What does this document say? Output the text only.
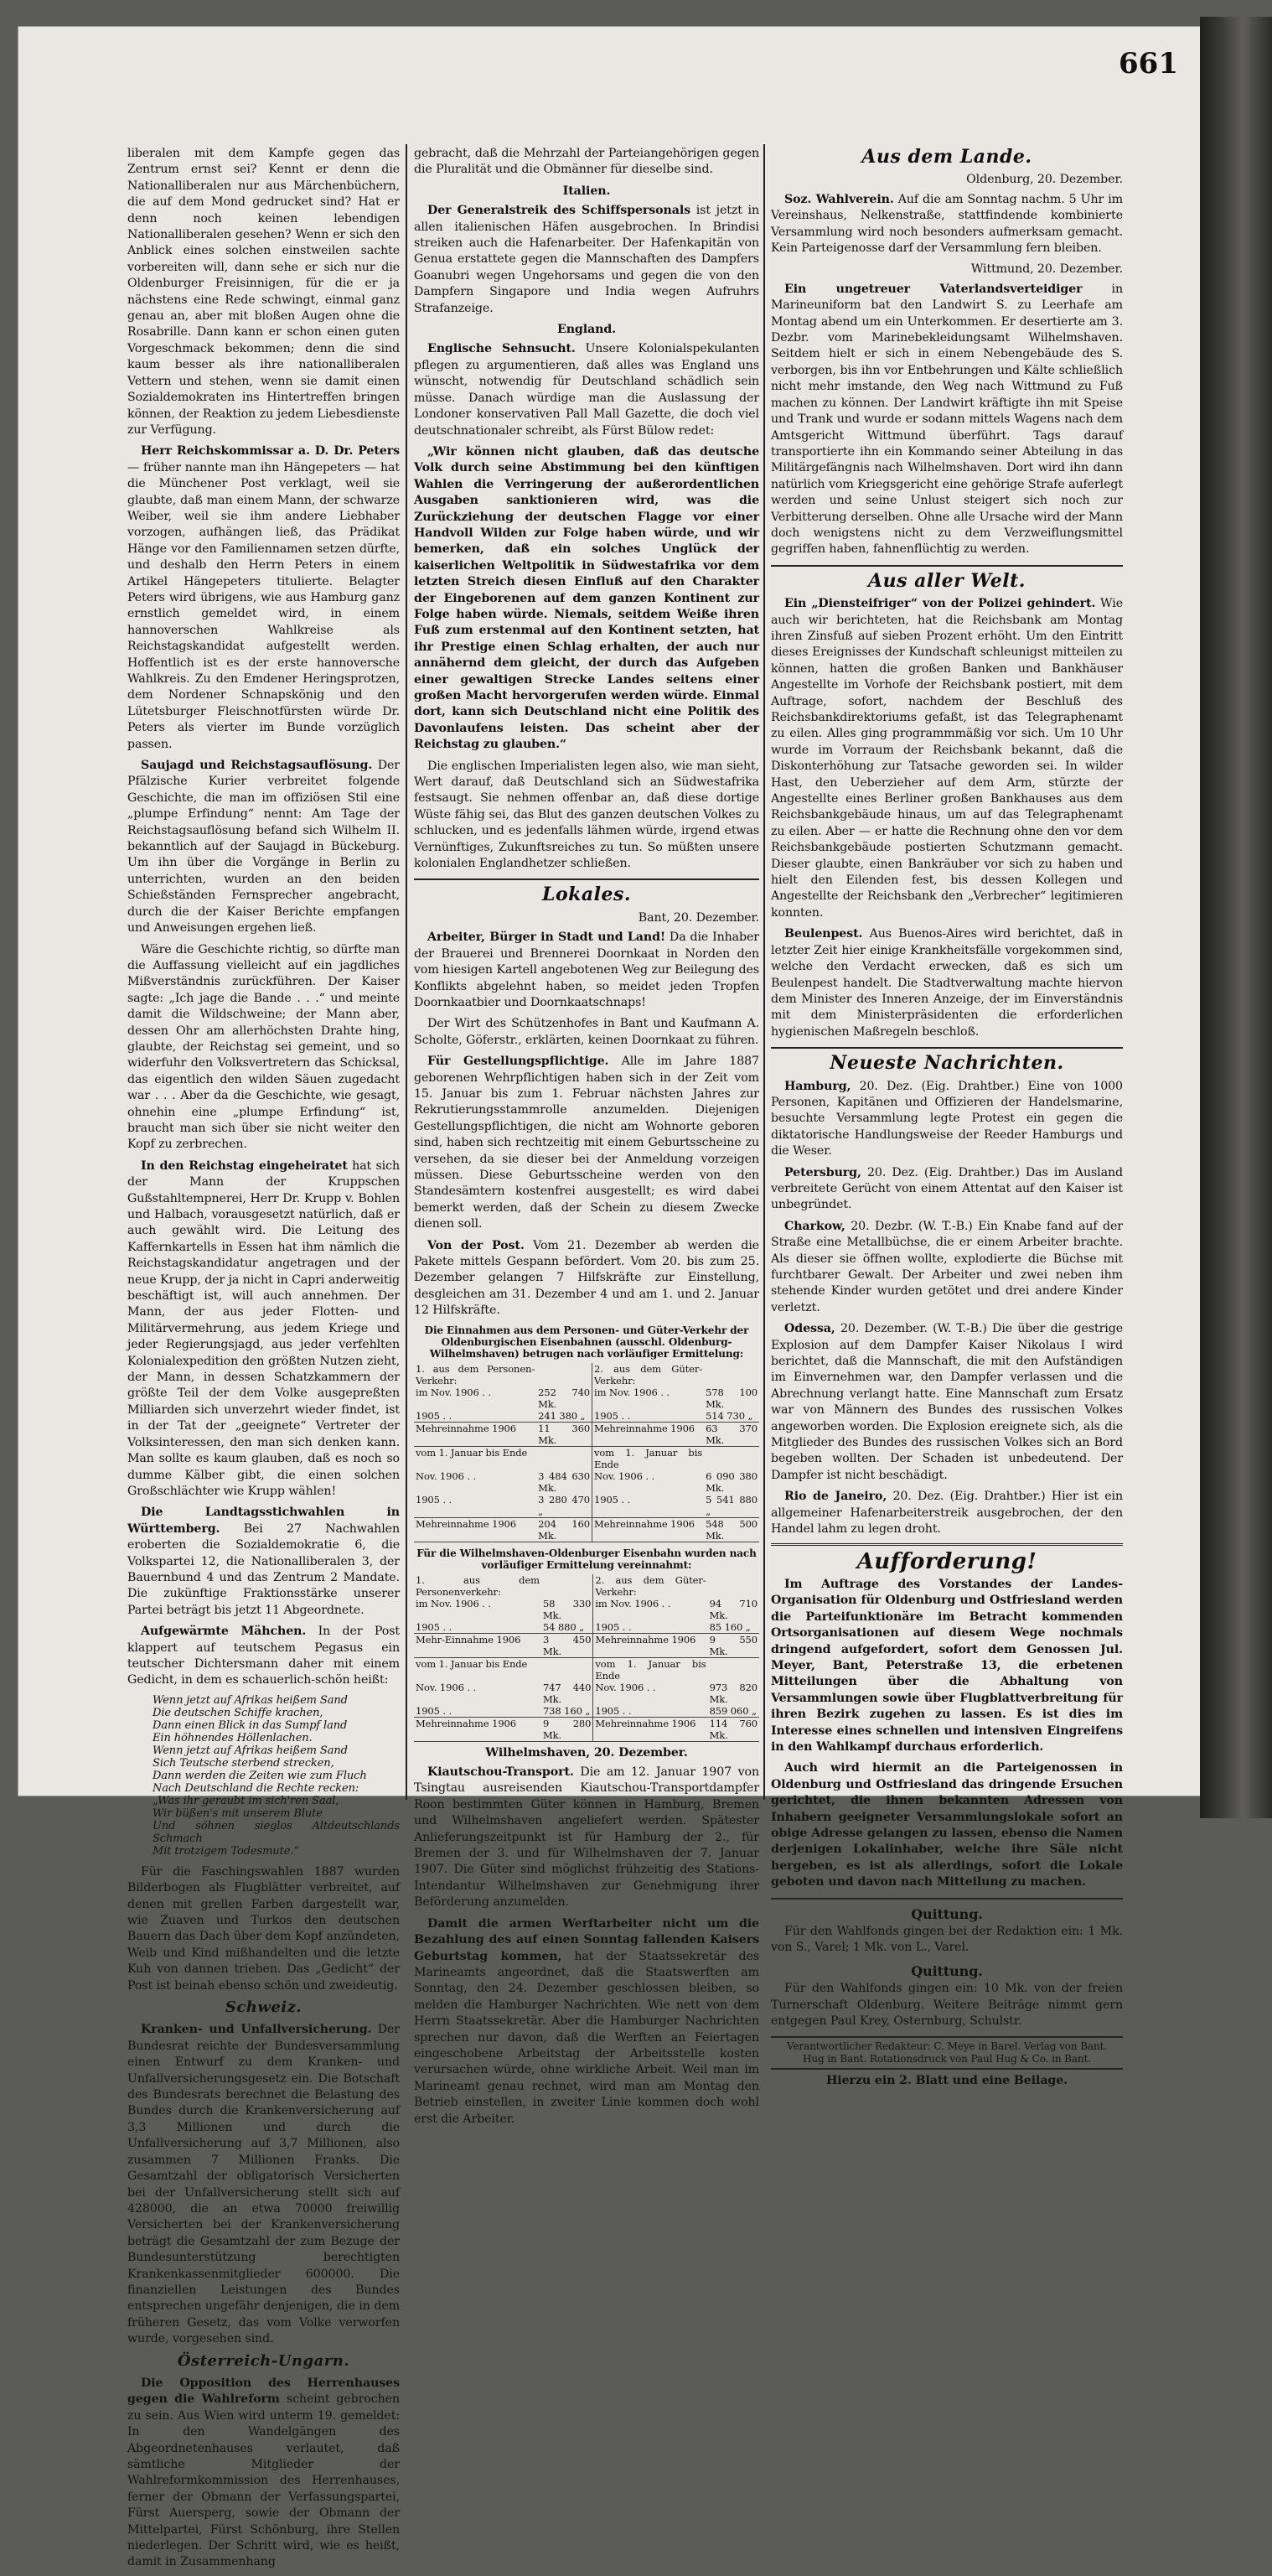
661

liberalen mit dem Kampfe gegen das Zentrum ernst sei? Kennt er denn die Nationalliberalen nur aus Märchenbüchern, die auf dem Mond gedrucket sind? Hat er denn noch keinen lebendigen Nationalliberalen gesehen? Wenn er sich den Anblick eines solchen einstweilen sachte vorbereiten will, dann sehe er sich nur die Oldenburger Freisinnigen, für die er ja nächstens eine Rede schwingt, einmal ganz genau an, aber mit bloßen Augen ohne die Rosabrille. Dann kann er schon einen guten Vorgeschmack bekommen; denn die sind kaum besser als ihre nationalliberalen Vettern und stehen, wenn sie damit einen Sozialdemokraten ins Hintertreffen bringen können, der Reaktion zu jedem Liebesdienste zur Verfügung.

Herr Reichskommissar a. D. Dr. Peters — früher nannte man ihn Hängepeters — hat die Münchener Post verklagt, weil sie glaubte, daß man einem Mann, der schwarze Weiber, weil sie ihm andere Liebhaber vorzogen, aufhängen ließ, das Prädikat Hänge vor den Familiennamen setzen dürfte, und deshalb den Herrn Peters in einem Artikel Hängepeters titulierte. Belagter Peters wird übrigens, wie aus Hamburg ganz ernstlich gemeldet wird, in einem hannoverschen Wahlkreise als Reichstagskandidat aufgestellt werden. Hoffentlich ist es der erste hannoversche Wahlkreis. Zu den Emdener Heringsprotzen, dem Nordener Schnapskönig und den Lütetsburger Fleischnotfürsten würde Dr. Peters als vierter im Bunde vorzüglich passen.

Saujagd und Reichstagsauflösung. Der Pfälzische Kurier verbreitet folgende Geschichte, die man im offiziösen Stil eine „plumpe Erfindung“ nennt: Am Tage der Reichstagsauflösung befand sich Wilhelm II. bekanntlich auf der Saujagd in Bückeburg. Um ihn über die Vorgänge in Berlin zu unterrichten, wurden an den beiden Schießständen Fernsprecher angebracht, durch die der Kaiser Berichte empfangen und Anweisungen ergehen ließ.

Wäre die Geschichte richtig, so dürfte man die Auffassung vielleicht auf ein jagdliches Mißverständnis zurückführen. Der Kaiser sagte: „Ich jage die Bande . . .“ und meinte damit die Wildschweine; der Mann aber, dessen Ohr am allerhöchsten Drahte hing, glaubte, der Reichstag sei gemeint, und so widerfuhr den Volksvertretern das Schicksal, das eigentlich den wilden Säuen zugedacht war . . . Aber da die Geschichte, wie gesagt, ohnehin eine „plumpe Erfindung“ ist, braucht man sich über sie nicht weiter den Kopf zu zerbrechen.

In den Reichstag eingeheiratet hat sich der Mann der Kruppschen Gußstahltempnerei, Herr Dr. Krupp v. Bohlen und Halbach, vorausgesetzt natürlich, daß er auch gewählt wird. Die Leitung des Kaffernkartells in Essen hat ihm nämlich die Reichstagskandidatur angetragen und der neue Krupp, der ja nicht in Capri anderweitig beschäftigt ist, will auch annehmen. Der Mann, der aus jeder Flotten- und Militärvermehrung, aus jedem Kriege und jeder Regierungsjagd, aus jeder verfehlten Kolonialexpedition den größten Nutzen zieht, der Mann, in dessen Schatzkammern der größte Teil der dem Volke ausgepreßten Milliarden sich unverzehrt wieder findet, ist in der Tat der „geeignete“ Vertreter der Volksinteressen, den man sich denken kann. Man sollte es kaum glauben, daß es noch so dumme Kälber gibt, die einen solchen Großschlächter wie Krupp wählen!

Die Landtagsstichwahlen in Württemberg. Bei 27 Nachwahlen eroberten die Sozialdemokratie 6, die Volkspartei 12, die Nationalliberalen 3, der Bauernbund 4 und das Zentrum 2 Mandate. Die zukünftige Fraktionsstärke unserer Partei beträgt bis jetzt 11 Abgeordnete.

Aufgewärmte Mähchen. In der Post klappert auf teutschem Pegasus ein teutscher Dichtersmann daher mit einem Gedicht, in dem es schauerlich-schön heißt:

Wenn jetzt auf Afrikas heißem Sand
Die deutschen Schiffe krachen,
Dann einen Blick in das Sumpf land
Ein höhnendes Höllenlachen.
Wenn jetzt auf Afrikas heißem Sand
Sich Teutsche sterbend strecken,
Dann werden die Zeiten wie zum Fluch
Nach Deutschland die Rechte recken:
„Was ihr geraubt im sich'ren Saal,
Wir büßen's mit unserem Blute
Und söhnen sieglos Altdeutschlands Schmach
Mit trotzigem Todesmute.“

Für die Faschingswahlen 1887 wurden Bilderbogen als Flugblätter verbreitet, auf denen mit grellen Farben dargestellt war, wie Zuaven und Turkos den deutschen Bauern das Dach über dem Kopf anzündeten, Weib und Kind mißhandelten und die letzte Kuh von dannen trieben. Das „Gedicht“ der Post ist beinah ebenso schön und zweideutig.

Schweiz.

Kranken- und Unfallversicherung. Der Bundesrat reichte der Bundesversammlung einen Entwurf zu dem Kranken- und Unfallversicherungsgesetz ein. Die Botschaft des Bundesrats berechnet die Belastung des Bundes durch die Krankenversicherung auf 3,3 Millionen und durch die Unfallversicherung auf 3,7 Millionen, also zusammen 7 Millionen Franks. Die Gesamtzahl der obligatorisch Versicherten bei der Unfallversicherung stellt sich auf 428000, die an etwa 70000 freiwillig Versicherten bei der Krankenversicherung beträgt die Gesamtzahl der zum Bezuge der Bundesunterstützung berechtigten Krankenkassenmitglieder 600000. Die finanziellen Leistungen des Bundes entsprechen ungefähr denjenigen, die in dem früheren Gesetz, das vom Volke verworfen wurde, vorgesehen sind.

Österreich-Ungarn.

Die Opposition des Herrenhauses gegen die Wahlreform scheint gebrochen zu sein. Aus Wien wird unterm 19. gemeldet: In den Wandelgängen des Abgeordnetenhauses verlautet, daß sämtliche Mitglieder der Wahlreformkommission des Herrenhauses, ferner der Obmann der Verfassungspartei, Fürst Auersperg, sowie der Obmann der Mittelpartei, Fürst Schönburg, ihre Stellen niederlegen. Der Schritt wird, wie es heißt, damit in Zusammenhang

gebracht, daß die Mehrzahl der Parteiangehörigen gegen die Pluralität und die Obmänner für dieselbe sind.

Italien.

Der Generalstreik des Schiffspersonals ist jetzt in allen italienischen Häfen ausgebrochen. In Brindisi streiken auch die Hafenarbeiter. Der Hafenkapitän von Genua erstattete gegen die Mannschaften des Dampfers Goanubri wegen Ungehorsams und gegen die von den Dampfern Singapore und India wegen Aufruhrs Strafanzeige.

England.

Englische Sehnsucht. Unsere Kolonialspekulanten pflegen zu argumentieren, daß alles was England uns wünscht, notwendig für Deutschland schädlich sein müsse. Danach würdige man die Auslassung der Londoner konservativen Pall Mall Gazette, die doch viel deutschnationaler schreibt, als Fürst Bülow redet:

„Wir können nicht glauben, daß das deutsche Volk durch seine Abstimmung bei den künftigen Wahlen die Verringerung der außerordentlichen Ausgaben sanktionieren wird, was die Zurückziehung der deutschen Flagge vor einer Handvoll Wilden zur Folge haben würde, und wir bemerken, daß ein solches Unglück der kaiserlichen Weltpolitik in Südwestafrika vor dem letzten Streich diesen Einfluß auf den Charakter der Eingeborenen auf dem ganzen Kontinent zur Folge haben würde. Niemals, seitdem Weiße ihren Fuß zum erstenmal auf den Kontinent setzten, hat ihr Prestige einen Schlag erhalten, der auch nur annähernd dem gleicht, der durch das Aufgeben einer gewaltigen Strecke Landes seitens einer großen Macht hervorgerufen werden würde. Einmal dort, kann sich Deutschland nicht eine Politik des Davonlaufens leisten. Das scheint aber der Reichstag zu glauben.“

Die englischen Imperialisten legen also, wie man sieht, Wert darauf, daß Deutschland sich an Südwestafrika festsaugt. Sie nehmen offenbar an, daß diese dortige Wüste fähig sei, das Blut des ganzen deutschen Volkes zu schlucken, und es jedenfalls lähmen würde, irgend etwas Vernünftiges, Zukunftsreiches zu tun. So müßten unsere kolonialen Englandhetzer schließen.

Lokales.
Bant, 20. Dezember.

Arbeiter, Bürger in Stadt und Land! Da die Inhaber der Brauerei und Brennerei Doornkaat in Norden den vom hiesigen Kartell angebotenen Weg zur Beilegung des Konflikts abgelehnt haben, so meidet jeden Tropfen Doornkaatbier und Doornkaatschnaps!

Der Wirt des Schützenhofes in Bant und Kaufmann A. Scholte, Göferstr., erklärten, keinen Doornkaat zu führen.

Für Gestellungspflichtige. Alle im Jahre 1887 geborenen Wehrpflichtigen haben sich in der Zeit vom 15. Januar bis zum 1. Februar nächsten Jahres zur Rekrutierungsstammrolle anzumelden. Diejenigen Gestellungspflichtigen, die nicht am Wohnorte geboren sind, haben sich rechtzeitig mit einem Geburtsscheine zu versehen, da sie dieser bei der Anmeldung vorzeigen müssen. Diese Geburtsscheine werden von den Standesämtern kostenfrei ausgestellt; es wird dabei bemerkt werden, daß der Schein zu diesem Zwecke dienen soll.

Von der Post. Vom 21. Dezember ab werden die Pakete mittels Gespann befördert. Vom 20. bis zum 25. Dezember gelangen 7 Hilfskräfte zur Einstellung, desgleichen am 31. Dezember 4 und am 1. und 2. Januar 12 Hilfskräfte.

Die Einnahmen aus dem Personen- und Güter-Verkehr der Oldenburgischen Eisenbahnen (ausschl. Oldenburg-Wilhelmshaven) betrugen nach vorläufiger Ermittelung:
1. aus dem Personen-Verkehr:		2. aus dem Güter-Verkehr:	
im Nov. 1906 . .	252 740 Mk.	im Nov. 1906 . .	578 100 Mk.
1905 . .	241 380 „	1905 . .	514 730 „
Mehreinnahme 1906	11 360 Mk.	Mehreinnahme 1906	63 370 Mk.
vom 1. Januar bis Ende		vom 1. Januar bis Ende	
Nov. 1906 . .	3 484 630 Mk.	Nov. 1906 . .	6 090 380 Mk.
1905 . .	3 280 470 „	1905 . .	5 541 880 „
Mehreinnahme 1906	204 160 Mk.	Mehreinnahme 1906	548 500 Mk.
Für die Wilhelmshaven-Oldenburger Eisenbahn wurden nach vorläufiger Ermittelung vereinnahmt:
1. aus dem Personenverkehr:		2. aus dem Güter-Verkehr:	
im Nov. 1906 . .	58 330 Mk.	im Nov. 1906 . .	94 710 Mk.
1905 . .	54 880 „	1905 . .	85 160 „
Mehr-Einnahme 1906	3 450 Mk.	Mehreinnahme 1906	9 550 Mk.
vom 1. Januar bis Ende		vom 1. Januar bis Ende	
Nov. 1906 . .	747 440 Mk.	Nov. 1906 . .	973 820 Mk.
1905 . .	738 160 „	1905 . .	859 060 „
Mehreinnahme 1906	9 280 Mk.	Mehreinnahme 1906	114 760 Mk.
Wilhelmshaven, 20. Dezember.

Kiautschou-Transport. Die am 12. Januar 1907 von Tsingtau ausreisenden Kiautschou-Transportdampfer Roon bestimmten Güter können in Hamburg, Bremen und Wilhelmshaven angeliefert werden. Spätester Anlieferungszeitpunkt ist für Hamburg der 2., für Bremen der 3. und für Wilhelmshaven der 7. Januar 1907. Die Güter sind möglichst frühzeitig des Stations-Intendantur Wilhelmshaven zur Genehmigung ihrer Beförderung anzumelden.

Damit die armen Werftarbeiter nicht um die Bezahlung des auf einen Sonntag fallenden Kaisers Geburtstag kommen, hat der Staatssekretär des Marineamts angeordnet, daß die Staatswerften am Sonntag, den 24. Dezember geschlossen bleiben, so melden die Hamburger Nachrichten. Wie nett von dem Herrn Staatssekretär. Aber die Hamburger Nachrichten sprechen nur davon, daß die Werften an Feiertagen eingeschobene Arbeitstag der Arbeitsstelle kosten verursachen würde, ohne wirkliche Arbeit. Weil man im Marineamt genau rechnet, wird man am Montag den Betrieb einstellen, in zweiter Linie kommen doch wohl erst die Arbeiter.

Aus dem Lande.
Oldenburg, 20. Dezember.

Soz. Wahlverein. Auf die am Sonntag nachm. 5 Uhr im Vereinshaus, Nelkenstraße, stattfindende kombinierte Versammlung wird noch besonders aufmerksam gemacht. Kein Parteigenosse darf der Versammlung fern bleiben.

Wittmund, 20. Dezember.

Ein ungetreuer Vaterlandsverteidiger in Marineuniform bat den Landwirt S. zu Leerhafe am Montag abend um ein Unterkommen. Er desertierte am 3. Dezbr. vom Marinebekleidungsamt Wilhelmshaven. Seitdem hielt er sich in einem Nebengebäude des S. verborgen, bis ihn vor Entbehrungen und Kälte schließlich nicht mehr imstande, den Weg nach Wittmund zu Fuß machen zu können. Der Landwirt kräftigte ihn mit Speise und Trank und wurde er sodann mittels Wagens nach dem Amtsgericht Wittmund überführt. Tags darauf transportierte ihn ein Kommando seiner Abteilung in das Militärgefängnis nach Wilhelmshaven. Dort wird ihn dann natürlich vom Kriegsgericht eine gehörige Strafe auferlegt werden und seine Unlust steigert sich noch zur Verbitterung derselben. Ohne alle Ursache wird der Mann doch wenigstens nicht zu dem Verzweiflungsmittel gegriffen haben, fahnenflüchtig zu werden.

Aus aller Welt.

Ein „Diensteifriger“ von der Polizei gehindert. Wie auch wir berichteten, hat die Reichsbank am Montag ihren Zinsfuß auf sieben Prozent erhöht. Um den Eintritt dieses Ereignisses der Kundschaft schleunigst mitteilen zu können, hatten die großen Banken und Bankhäuser Angestellte im Vorhofe der Reichsbank postiert, mit dem Auftrage, sofort, nachdem der Beschluß des Reichsbankdirektoriums gefaßt, ist das Telegraphenamt zu eilen. Alles ging programmmäßig vor sich. Um 10 Uhr wurde im Vorraum der Reichsbank bekannt, daß die Diskonterhöhung zur Tatsache geworden sei. In wilder Hast, den Ueberzieher auf dem Arm, stürzte der Angestellte eines Berliner großen Bankhauses aus dem Reichsbankgebäude hinaus, um auf das Telegraphenamt zu eilen. Aber — er hatte die Rechnung ohne den vor dem Reichsbankgebäude postierten Schutzmann gemacht. Dieser glaubte, einen Bankräuber vor sich zu haben und hielt den Eilenden fest, bis dessen Kollegen und Angestellte der Reichsbank den „Verbrecher“ legitimieren konnten.

Beulenpest. Aus Buenos-Aires wird berichtet, daß in letzter Zeit hier einige Krankheitsfälle vorgekommen sind, welche den Verdacht erwecken, daß es sich um Beulenpest handelt. Die Stadtverwaltung machte hiervon dem Minister des Inneren Anzeige, der im Einverständnis mit dem Ministerpräsidenten die erforderlichen hygienischen Maßregeln beschloß.

Neueste Nachrichten.

Hamburg, 20. Dez. (Eig. Drahtber.) Eine von 1000 Personen, Kapitänen und Offizieren der Handelsmarine, besuchte Versammlung legte Protest ein gegen die diktatorische Handlungsweise der Reeder Hamburgs und die Weser.

Petersburg, 20. Dez. (Eig. Drahtber.) Das im Ausland verbreitete Gerücht von einem Attentat auf den Kaiser ist unbegründet.

Charkow, 20. Dezbr. (W. T.-B.) Ein Knabe fand auf der Straße eine Metallbüchse, die er einem Arbeiter brachte. Als dieser sie öffnen wollte, explodierte die Büchse mit furchtbarer Gewalt. Der Arbeiter und zwei neben ihm stehende Kinder wurden getötet und drei andere Kinder verletzt.

Odessa, 20. Dezember. (W. T.-B.) Die über die gestrige Explosion auf dem Dampfer Kaiser Nikolaus I wird berichtet, daß die Mannschaft, die mit den Aufständigen im Einvernehmen war, den Dampfer verlassen und die Abrechnung verlangt hatte. Eine Mannschaft zum Ersatz war von Männern des Bundes des russischen Volkes angeworben worden. Die Explosion ereignete sich, als die Mitglieder des Bundes des russischen Volkes sich an Bord begeben wollten. Der Schaden ist unbedeutend. Der Dampfer ist nicht beschädigt.

Rio de Janeiro, 20. Dez. (Eig. Drahtber.) Hier ist ein allgemeiner Hafenarbeiterstreik ausgebrochen, der den Handel lahm zu legen droht.

Aufforderung!

Im Auftrage des Vorstandes der Landes-Organisation für Oldenburg und Ostfriesland werden die Parteifunktionäre im Betracht kommenden Ortsorganisationen auf diesem Wege nochmals dringend aufgefordert, sofort dem Genossen Jul. Meyer, Bant, Peterstraße 13, die erbetenen Mitteilungen über die Abhaltung von Versammlungen sowie über Flugblattverbreitung für ihren Bezirk zugehen zu lassen. Es ist dies im Interesse eines schnellen und intensiven Eingreifens in den Wahlkampf durchaus erforderlich.

Auch wird hiermit an die Parteigenossen in Oldenburg und Ostfriesland das dringende Ersuchen gerichtet, die ihnen bekannten Adressen von Inhabern geeigneter Versammlungslokale sofort an obige Adresse gelangen zu lassen, ebenso die Namen derjenigen Lokalinhaber, welche ihre Säle nicht hergeben, es ist als allerdings, sofort die Lokale geboten und davon nach Mitteilung zu machen.

Quittung.

Für den Wahlfonds gingen bei der Redaktion ein: 1 Mk. von S., Varel; 1 Mk. von L., Varel.

Quittung.

Für den Wahlfonds gingen ein: 10 Mk. von der freien Turnerschaft Oldenburg. Weitere Beiträge nimmt gern entgegen Paul Krey, Osternburg, Schulstr.

Verantwortlicher Redakteur: C. Meye in Barel. Verlag von Bant.
Hug in Bant. Rotationsdruck von Paul Hug & Co. in Bant.
Hierzu ein 2. Blatt und eine Beilage.
